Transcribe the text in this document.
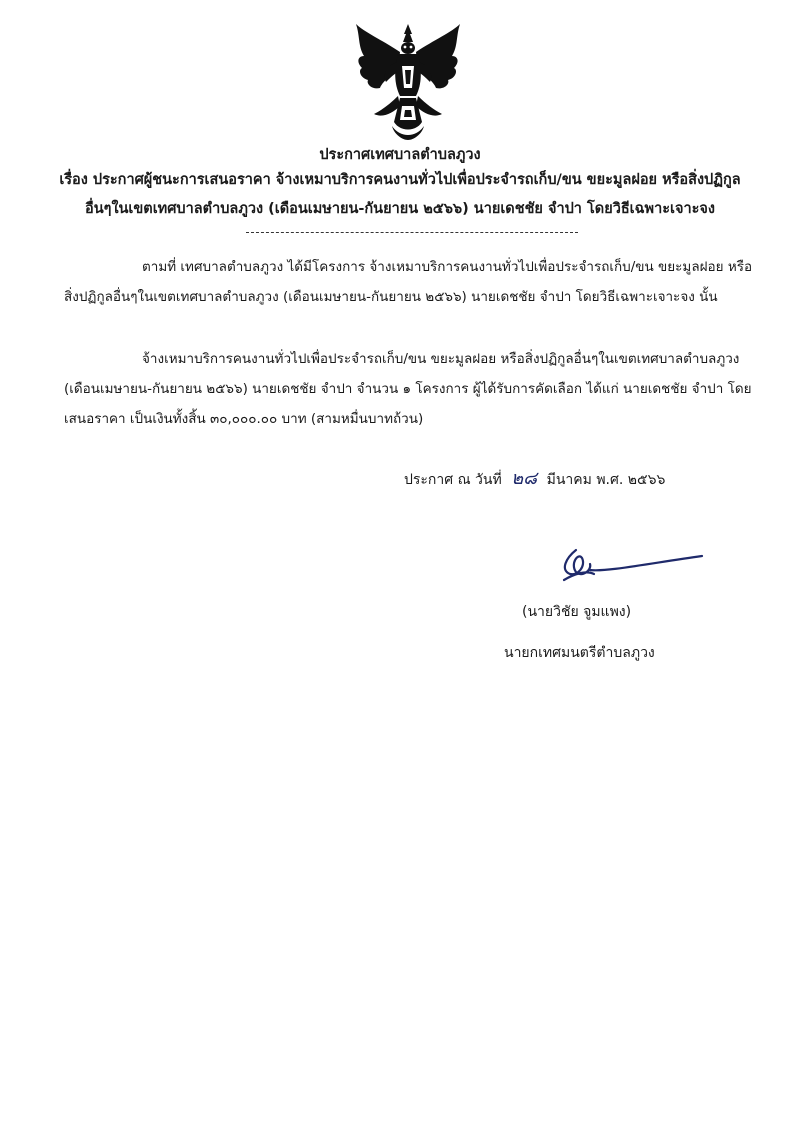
ประกาศเทศบาลตำบลภูวง
เรื่อง ประกาศผู้ชนะการเสนอราคา จ้างเหมาบริการคนงานทั่วไปเพื่อประจำรถเก็บ/ขน ขยะมูลฝอย หรือสิ่งปฏิกูล
อื่นๆในเขตเทศบาลตำบลภูวง (เดือนเมษายน-กันยายน ๒๕๖๖) นายเดชชัย จำปา โดยวิธีเฉพาะเจาะจง

ตามที่ เทศบาลตำบลภูวง ได้มีโครงการ จ้างเหมาบริการคนงานทั่วไปเพื่อประจำรถเก็บ/ขน ขยะมูลฝอย หรือสิ่งปฏิกูลอื่นๆในเขตเทศบาลตำบลภูวง (เดือนเมษายน-กันยายน ๒๕๖๖) นายเดชชัย จำปา โดยวิธีเฉพาะเจาะจง นั้น

จ้างเหมาบริการคนงานทั่วไปเพื่อประจำรถเก็บ/ขน ขยะมูลฝอย หรือสิ่งปฏิกูลอื่นๆในเขตเทศบาลตำบลภูวง (เดือนเมษายน-กันยายน ๒๕๖๖) นายเดชชัย จำปา จำนวน ๑ โครงการ ผู้ได้รับการคัดเลือก ได้แก่ นายเดชชัย จำปา โดยเสนอราคา เป็นเงินทั้งสิ้น ๓๐,๐๐๐.๐๐ บาท (สามหมื่นบาทถ้วน)

ประกาศ ณ วันที่ ๒๘ มีนาคม พ.ศ. ๒๕๖๖
(นายวิชัย จูมแพง)
นายกเทศมนตรีตำบลภูวง
